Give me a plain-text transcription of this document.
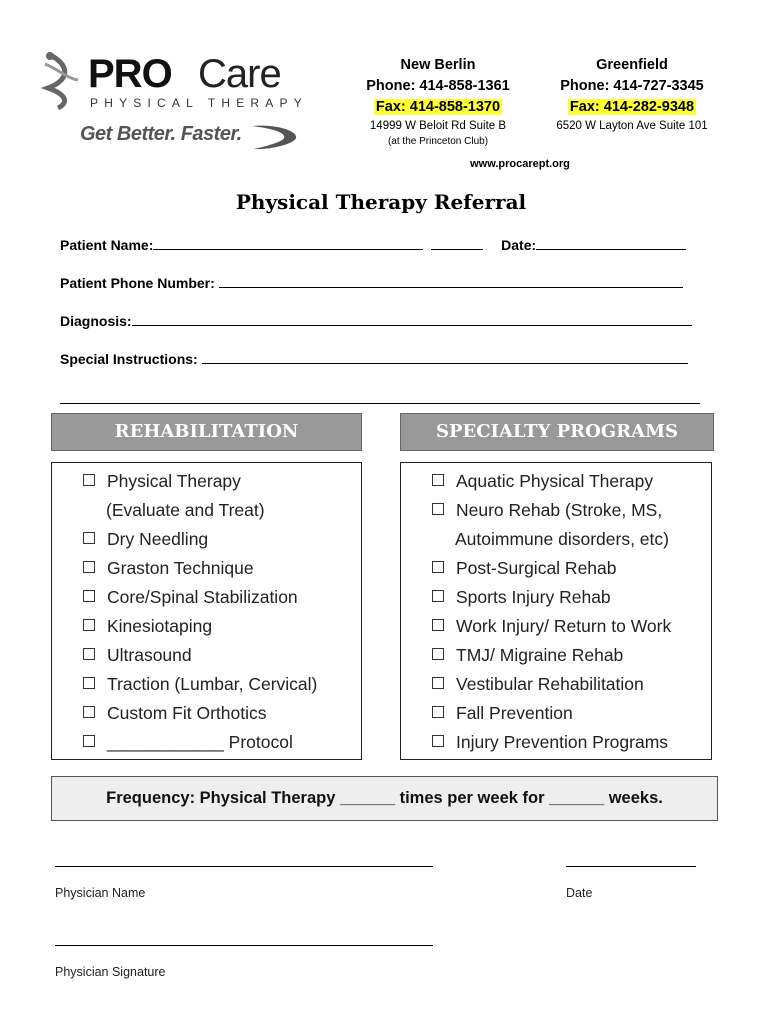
PRO Care
PHYSICAL THERAPY
Get Better. Faster.
New Berlin
Phone: 414-858-1361
Fax: 414-858-1370
14999 W Beloit Rd Suite B
(at the Princeton Club)
Greenfield
Phone: 414-727-3345
Fax: 414-282-9348
6520 W Layton Ave Suite 101
www.procarept.org
Physical Therapy Referral
Patient Name:	Date:
Patient Phone Number:
Diagnosis:
Special Instructions:
REHABILITATION	SPECIALTY PROGRAMS
Physical Therapy
(Evaluate and Treat)
Dry Needling
Graston Technique
Core/Spinal Stabilization
Kinesiotaping
Ultrasound
Traction (Lumbar, Cervical)
Custom Fit Orthotics
____________ Protocol
Aquatic Physical Therapy
Neuro Rehab (Stroke, MS,
Autoimmune disorders, etc)
Post-Surgical Rehab
Sports Injury Rehab
Work Injury/ Return to Work
TMJ/ Migraine Rehab
Vestibular Rehabilitation
Fall Prevention
Injury Prevention Programs
Frequency: Physical Therapy ______ times per week for ______ weeks.
Physician Name	Date
Physician Signature
